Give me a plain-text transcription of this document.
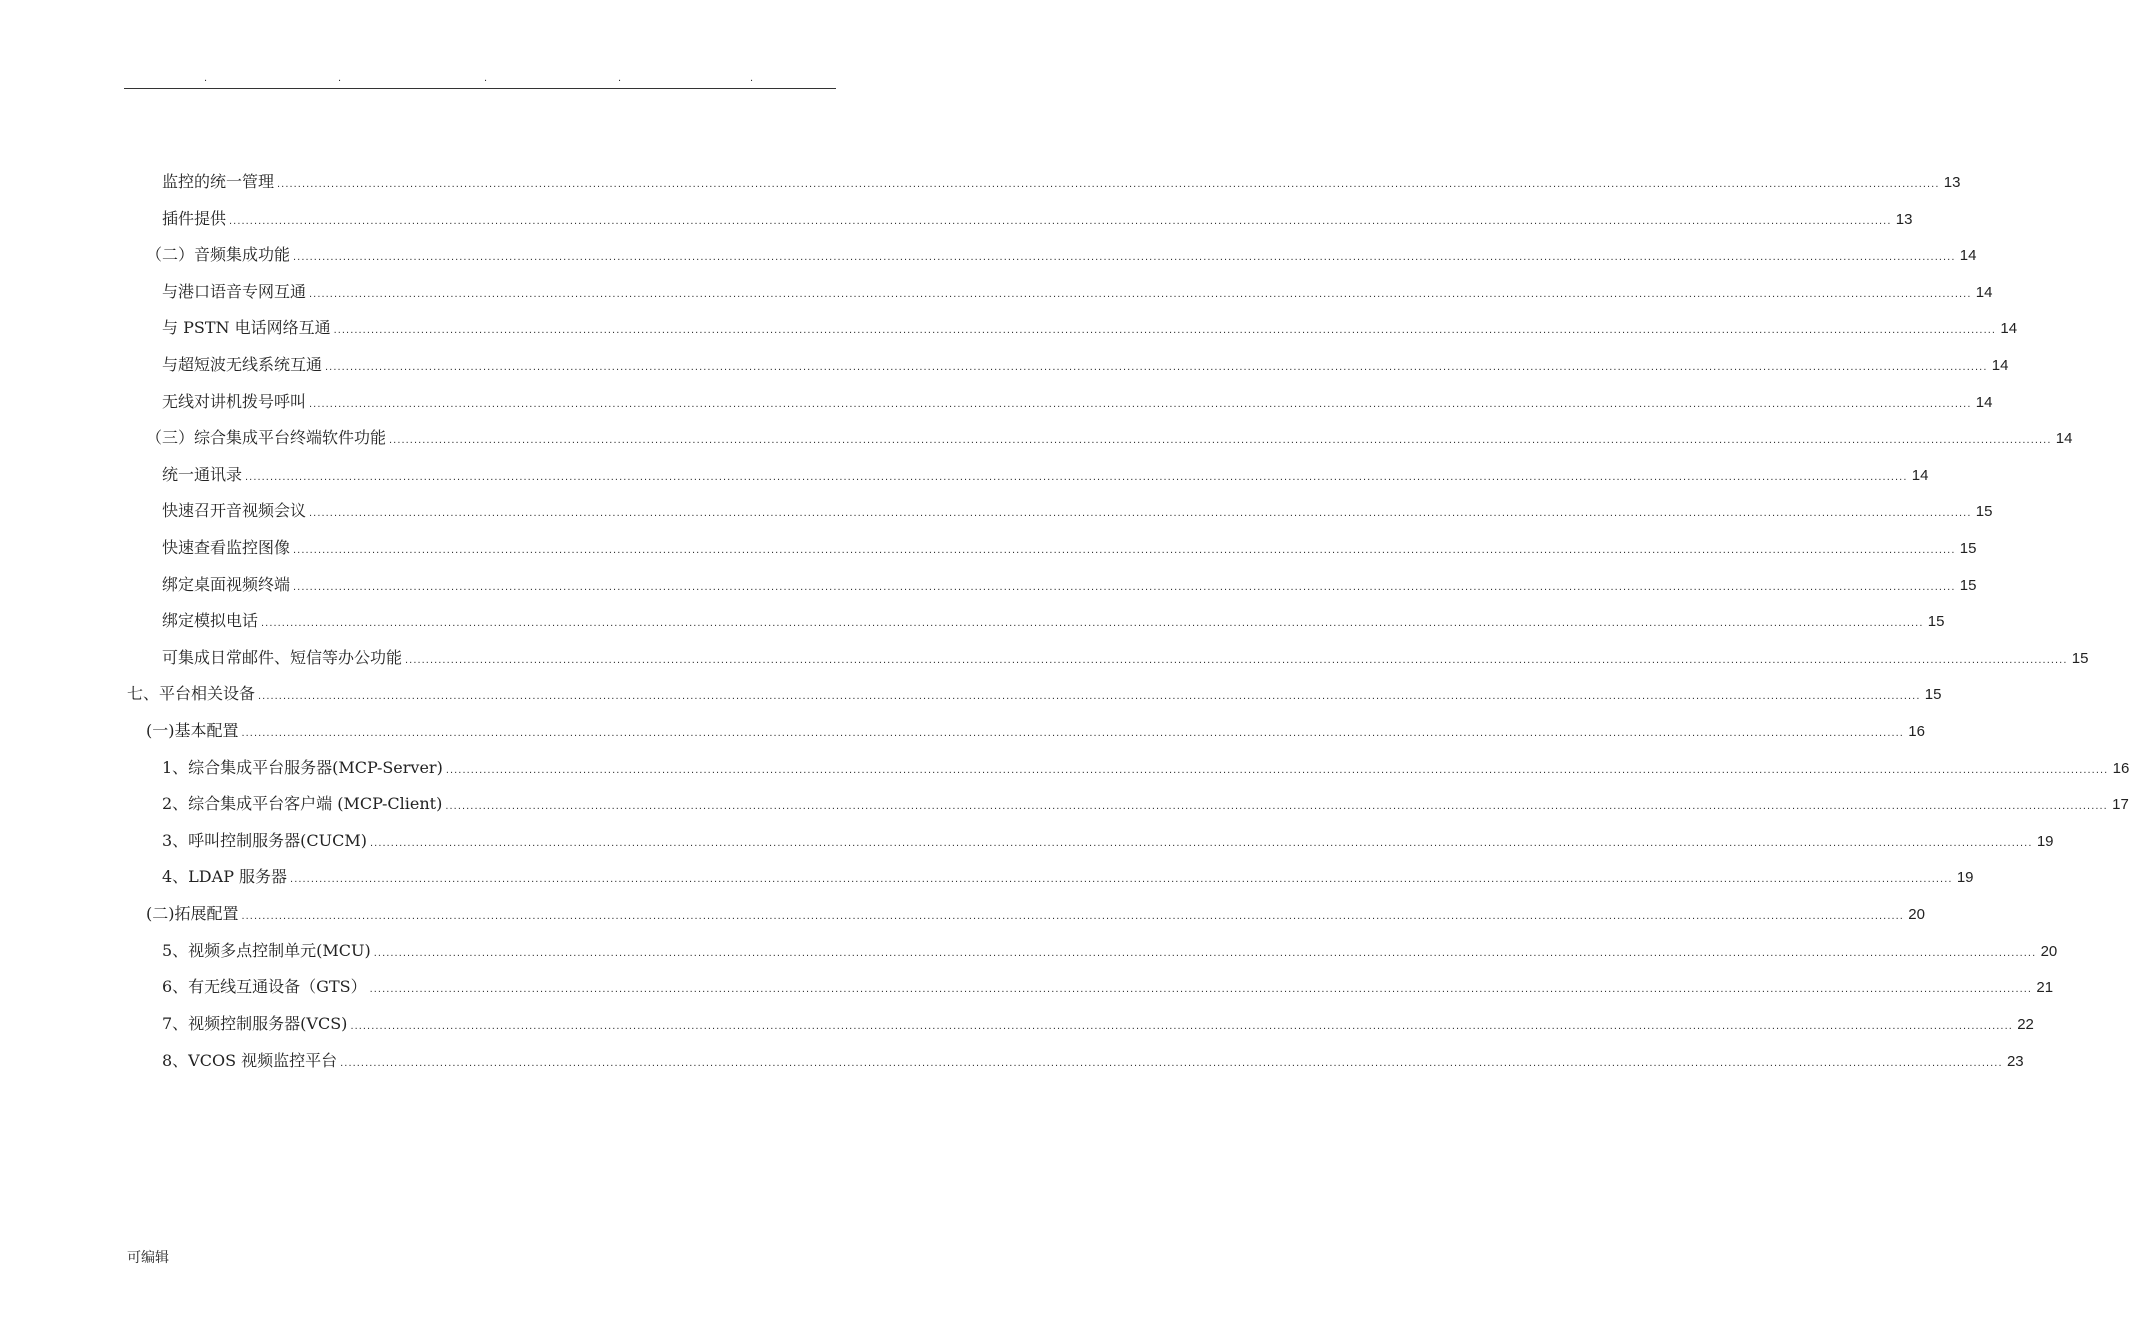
.	.	.	.	.
监控的统一管理 ................................................................................................................................................................................................................................................................................................................................................................................................................ 13
插件提供 ................................................................................................................................................................................................................................................................................................................................................................................................................ 13
（二）音频集成功能 ................................................................................................................................................................................................................................................................................................................................................................................................................ 14
与港口语音专网互通 ................................................................................................................................................................................................................................................................................................................................................................................................................ 14
与 PSTN 电话网络互通 ................................................................................................................................................................................................................................................................................................................................................................................................................ 14
与超短波无线系统互通 ................................................................................................................................................................................................................................................................................................................................................................................................................ 14
无线对讲机拨号呼叫 ................................................................................................................................................................................................................................................................................................................................................................................................................ 14
（三）综合集成平台终端软件功能 ................................................................................................................................................................................................................................................................................................................................................................................................................ 14
统一通讯录 ................................................................................................................................................................................................................................................................................................................................................................................................................ 14
快速召开音视频会议 ................................................................................................................................................................................................................................................................................................................................................................................................................ 15
快速查看监控图像 ................................................................................................................................................................................................................................................................................................................................................................................................................ 15
绑定桌面视频终端 ................................................................................................................................................................................................................................................................................................................................................................................................................ 15
绑定模拟电话 ................................................................................................................................................................................................................................................................................................................................................................................................................ 15
可集成日常邮件、短信等办公功能 ................................................................................................................................................................................................................................................................................................................................................................................................................ 15
七、平台相关设备 ................................................................................................................................................................................................................................................................................................................................................................................................................ 15
(一)基本配置 ................................................................................................................................................................................................................................................................................................................................................................................................................ 16
1、综合集成平台服务器(MCP-Server) ................................................................................................................................................................................................................................................................................................................................................................................................................ 16
2、综合集成平台客户端 (MCP-Client) ................................................................................................................................................................................................................................................................................................................................................................................................................ 17
3、呼叫控制服务器(CUCM) ................................................................................................................................................................................................................................................................................................................................................................................................................ 19
4、LDAP 服务器 ................................................................................................................................................................................................................................................................................................................................................................................................................ 19
(二)拓展配置 ................................................................................................................................................................................................................................................................................................................................................................................................................ 20
5、视频多点控制单元(MCU) ................................................................................................................................................................................................................................................................................................................................................................................................................ 20
6、有无线互通设备（GTS） ................................................................................................................................................................................................................................................................................................................................................................................................................ 21
7、视频控制服务器(VCS) ................................................................................................................................................................................................................................................................................................................................................................................................................ 22
8、VCOS 视频监控平台 ................................................................................................................................................................................................................................................................................................................................................................................................................ 23
可编辑
